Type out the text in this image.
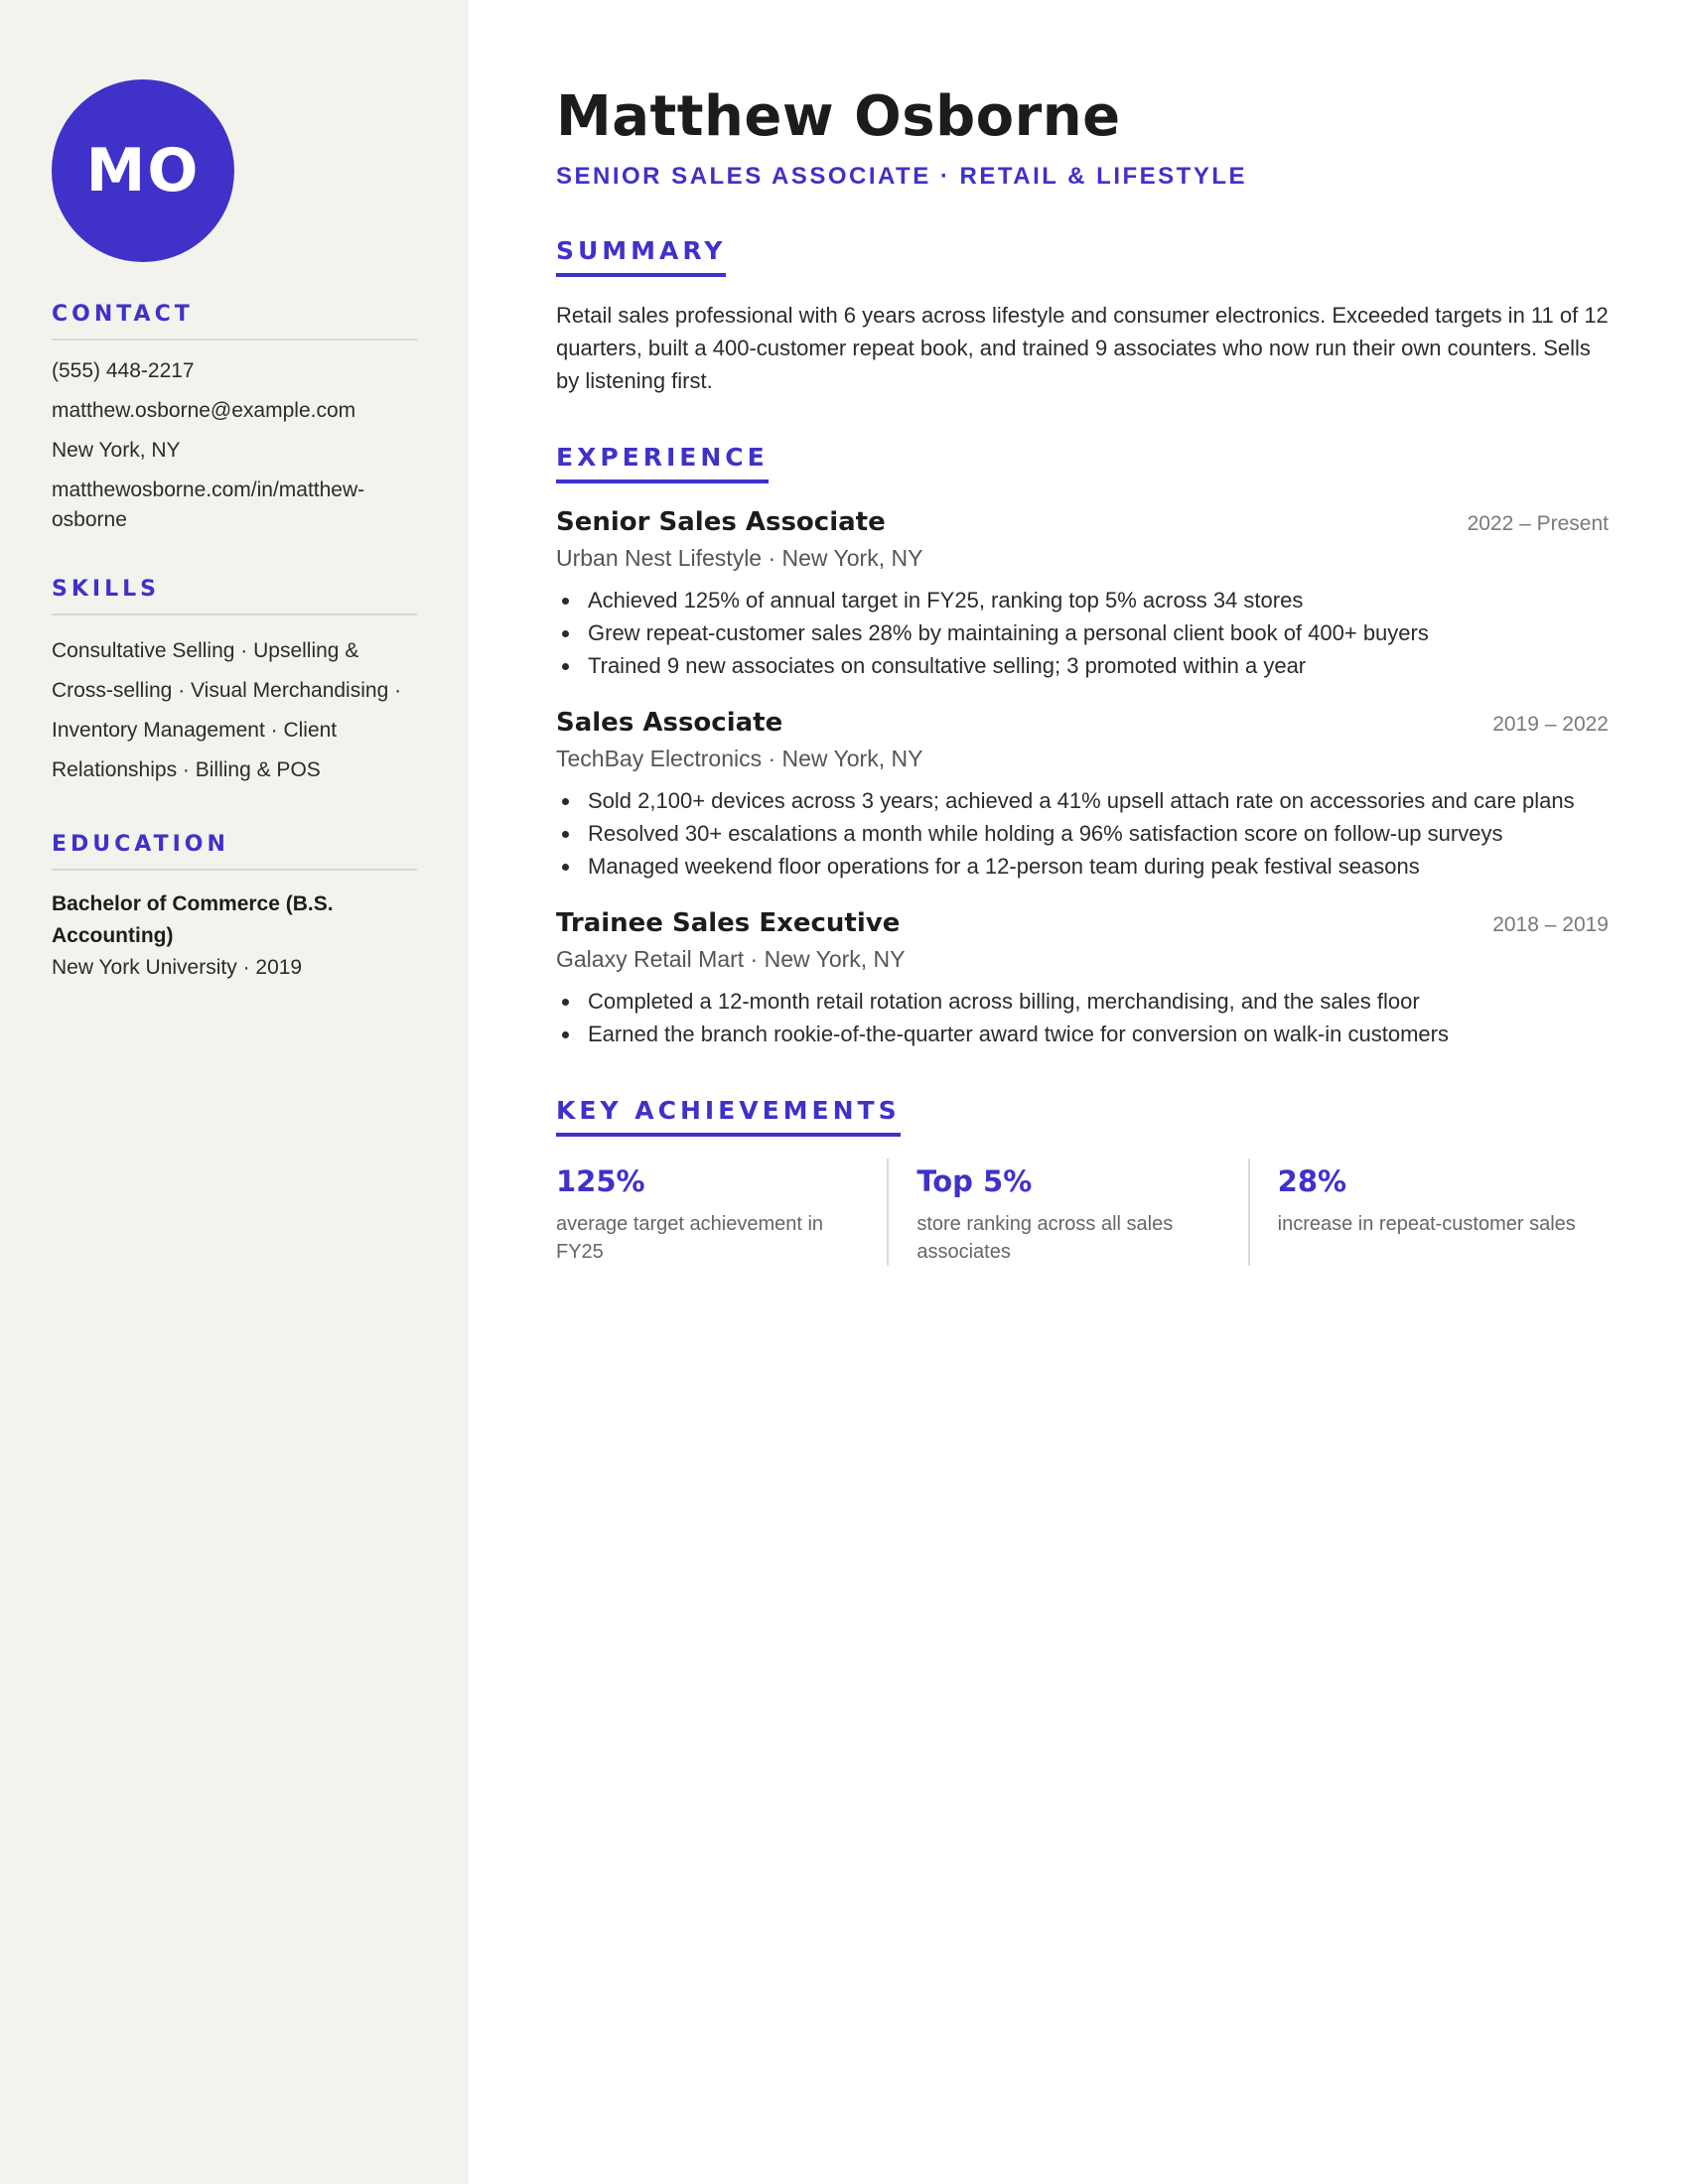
MO
CONTACT
(555) 448-2217
matthew.osborne@example.com
New York, NY
matthewosborne.com/in/matthew-osborne
SKILLS
Consultative Selling · Upselling & Cross-selling · Visual Merchandising · Inventory Management · Client Relationships · Billing & POS
EDUCATION
Bachelor of Commerce (B.S. Accounting)
New York University · 2019
Matthew Osborne
SENIOR SALES ASSOCIATE · RETAIL & LIFESTYLE
SUMMARY

Retail sales professional with 6 years across lifestyle and consumer electronics. Exceeded targets in 11 of 12 quarters, built a 400-customer repeat book, and trained 9 associates who now run their own counters. Sells by listening first.

EXPERIENCE
Senior Sales Associate	2022 – Present
Urban Nest Lifestyle · New York, NY
Achieved 125% of annual target in FY25, ranking top 5% across 34 stores
Grew repeat-customer sales 28% by maintaining a personal client book of 400+ buyers
Trained 9 new associates on consultative selling; 3 promoted within a year
Sales Associate	2019 – 2022
TechBay Electronics · New York, NY
Sold 2,100+ devices across 3 years; achieved a 41% upsell attach rate on accessories and care plans
Resolved 30+ escalations a month while holding a 96% satisfaction score on follow-up surveys
Managed weekend floor operations for a 12-person team during peak festival seasons
Trainee Sales Executive	2018 – 2019
Galaxy Retail Mart · New York, NY
Completed a 12-month retail rotation across billing, merchandising, and the sales floor
Earned the branch rookie-of-the-quarter award twice for conversion on walk-in customers
KEY ACHIEVEMENTS
125%
average target achievement in FY25
Top 5%
store ranking across all sales associates
28%
increase in repeat-customer sales
